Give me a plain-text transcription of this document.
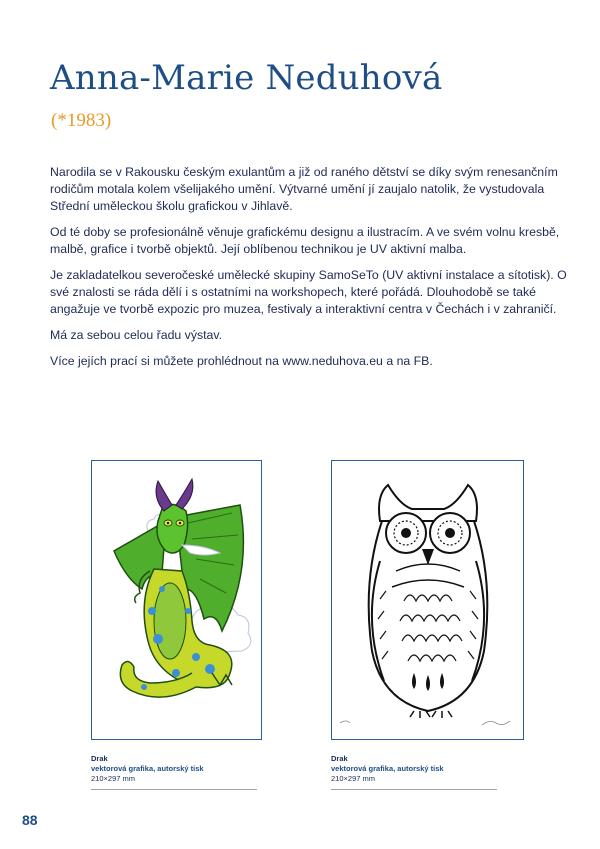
Anna-Marie Neduhová
(*1983)

Narodila se v Rakousku českým exulantům a již od raného dětství se díky svým renesančním rodičům motala kolem všelijakého umění. Výtvarné umění jí zaujalo natolik, že vystudovala Střední uměleckou školu grafickou v Jihlavě.

Od té doby se profesionálně věnuje grafickému designu a ilustracím. A ve svém volnu kresbě, malbě, grafice i tvorbě objektů. Její oblíbenou technikou je UV aktivní malba.

Je zakladatelkou severočeské umělecké skupiny SamoSeTo (UV aktivní instalace a sítotisk). O své znalosti se ráda dělí i s ostatními na workshopech, které pořádá. Dlouhodobě se také angažuje ve tvorbě expozic pro muzea, festivaly a interaktivní centra v Čechách i v zahraničí.

Má za sebou celou řadu výstav.

Více jejích prací si můžete prohlédnout na www.neduhova.eu a na FB.

Drak
vektorová grafika, autorský tisk
210×297 mm
Drak
vektorová grafika, autorský tisk
210×297 mm
88
